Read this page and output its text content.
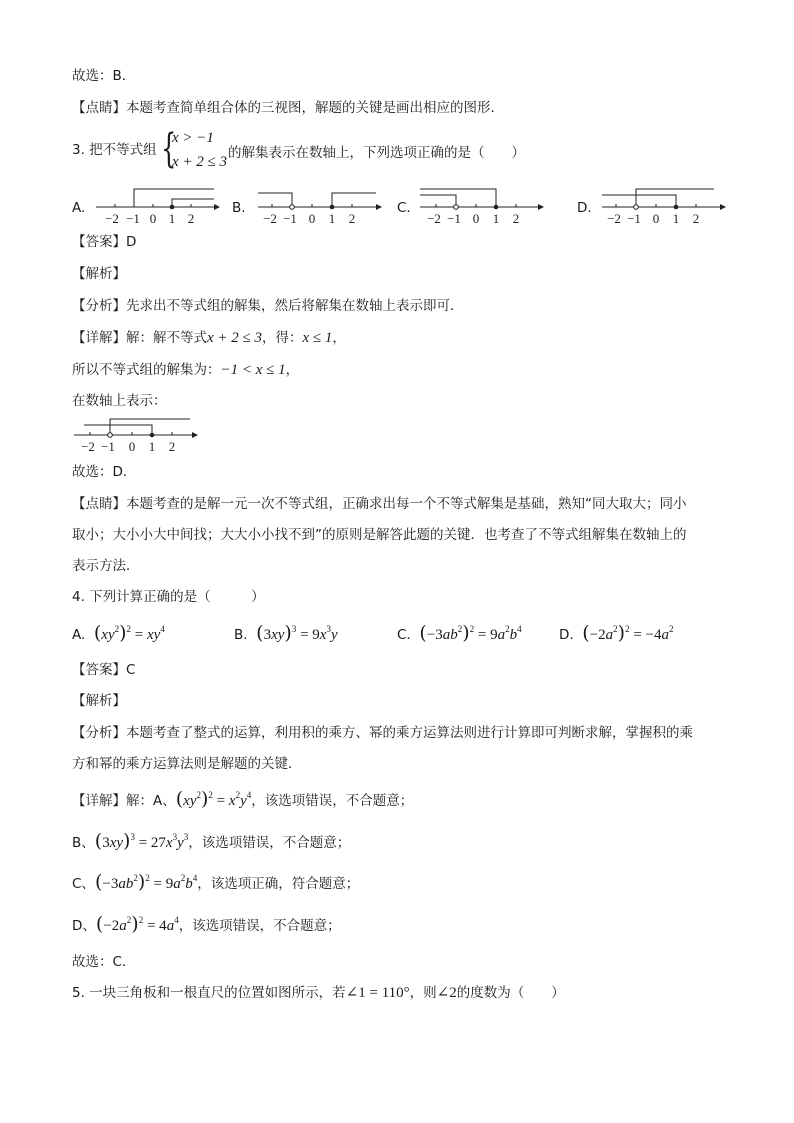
故选：B．
【点睛】本题考查简单组合体的三视图，解题的关键是画出相应的图形．
3. 把不等式组 {
x > −1
x + 2 ≤ 3
的解集表示在数轴上，下列选项正确的是（　　）
A.
−2 −1 0 1 2
B.
−2 −1 0 1 2
C.
−2 −1 0 1 2
D.
−2 −1 0 1 2
【答案】D
【解析】
【分析】先求出不等式组的解集，然后将解集在数轴上表示即可．
【详解】解：解不等式x + 2 ≤ 3，得：x ≤ 1，
所以不等式组的解集为：−1 < x ≤ 1，
在数轴上表示：
−2 −1 0 1 2
故选：D．
【点睛】本题考查的是解一元一次不等式组，正确求出每一个不等式解集是基础，熟知“同大取大；同小
取小；大小小大中间找；大大小小找不到”的原则是解答此题的关键．也考查了不等式组解集在数轴上的
表示方法．
4. 下列计算正确的是（　　　）
A.  $(xy^2)^2 = xy^4$	B.  $(3xy)^3 = 9x^3y$	C.  $(-3ab^2)^2 = 9a^2b^4$	D.  $(-2a^2)^2 = -4a^2$
【答案】C
【解析】
【分析】本题考查了整式的运算，利用积的乘方、幂的乘方运算法则进行计算即可判断求解，掌握积的乘
方和幂的乘方运算法则是解题的关键．
【详解】解：A、$(xy^2)^2 = x^2y^4$，该选项错误，不合题意；
B、$(3xy)^3 = 27x^3y^3$，该选项错误，不合题意；
C、$(-3ab^2)^2 = 9a^2b^4$，该选项正确，符合题意；
D、$(-2a^2)^2 = 4a^4$，该选项错误，不合题意；
故选：C．
5. 一块三角板和一根直尺的位置如图所示，若∠1 = 110°，则∠2的度数为（　　）
